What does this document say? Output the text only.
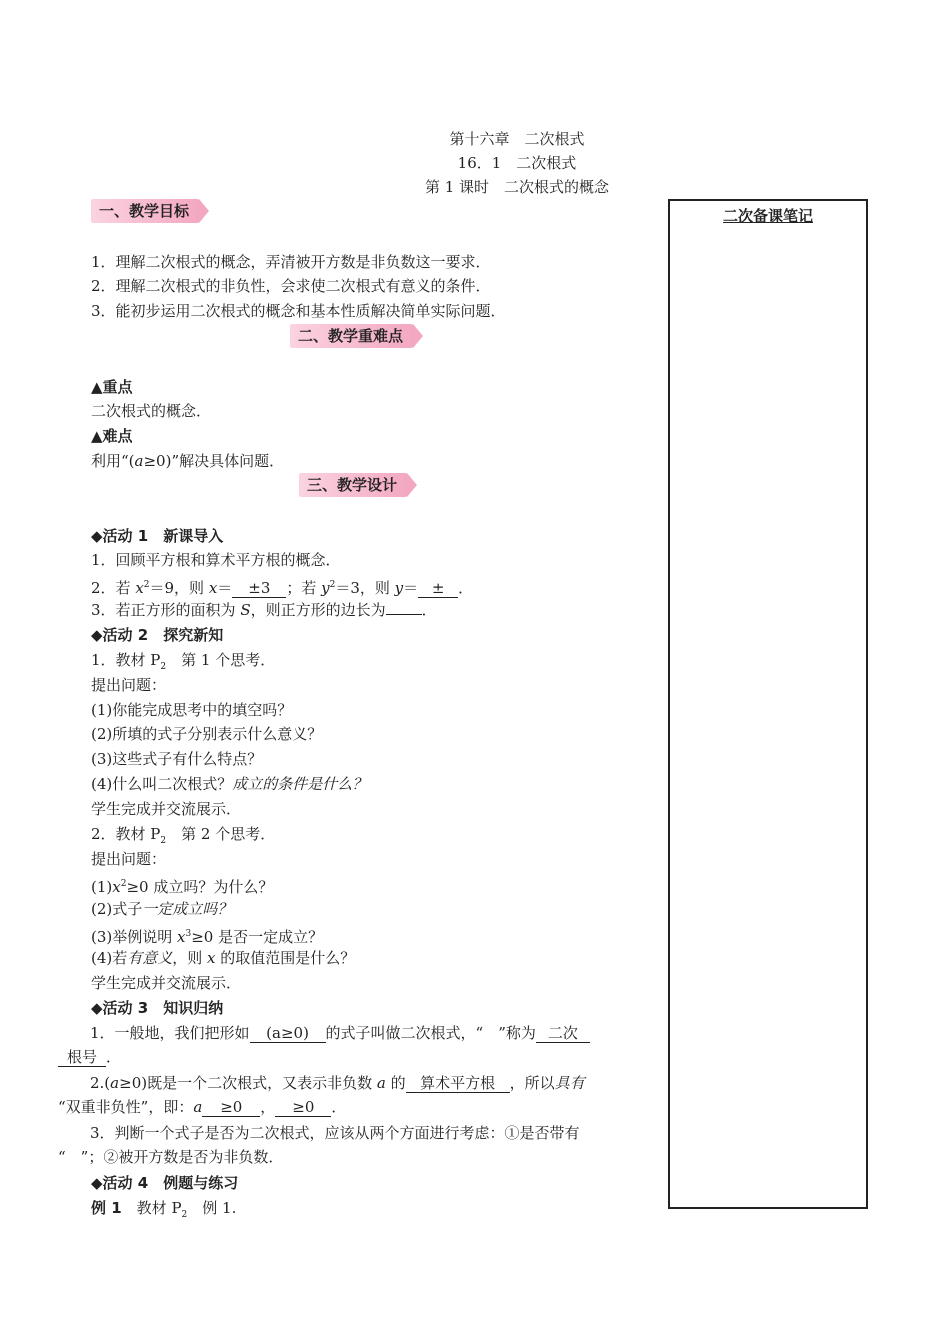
第十六章　二次根式
16．1　二次根式
第 1 课时　二次根式的概念
二次备课笔记
一、教学目标
1．理解二次根式的概念，弄清被开方数是非负数这一要求．
2．理解二次根式的非负性，会求使二次根式有意义的条件．
3．能初步运用二次根式的概念和基本性质解决简单实际问题．
二、教学重难点
▲重点
二次根式的概念．
▲难点
利用“(a≥0)”解决具体问题．
三、教学设计
◆活动 1　新课导入
1．回顾平方根和算术平方根的概念．
2．若 $x^2=9$，则 x＝ ±3 ；若 $y^2=3$，则 y＝ ± ．
3．若正方形的面积为 S，则正方形的边长为 ．
◆活动 2　探究新知
1．教材 $P_2$　第 1 个思考．
提出问题：
(1)你能完成思考中的填空吗？
(2)所填的式子分别表示什么意义？
(3)这些式子有什么特点？
(4)什么叫二次根式？成立的条件是什么？
学生完成并交流展示．
2．教材 $P_2$　第 2 个思考．
提出问题：
$(1)x^2\ge 0$ 成立吗？为什么？
(2)式子一定成立吗？
(3)举例说明 $x^3\ge 0$ 是否一定成立？
(4)若有意义，则 x 的取值范围是什么？
学生完成并交流展示．
◆活动 3　知识归纳
1．一般地，我们把形如 (a≥0) 的式子叫做二次根式，“　”称为 二次
根号 ．
2.(a≥0)既是一个二次根式，又表示非负数 a 的 算术平方根 ，所以具有
“双重非负性”，即：a ≥0 ， ≥0 ．
3．判断一个式子是否为二次根式，应该从两个方面进行考虑：①是否带有
“　”；②被开方数是否为非负数．
◆活动 4　例题与练习
例 1　教材 $P_2$　例 1.
